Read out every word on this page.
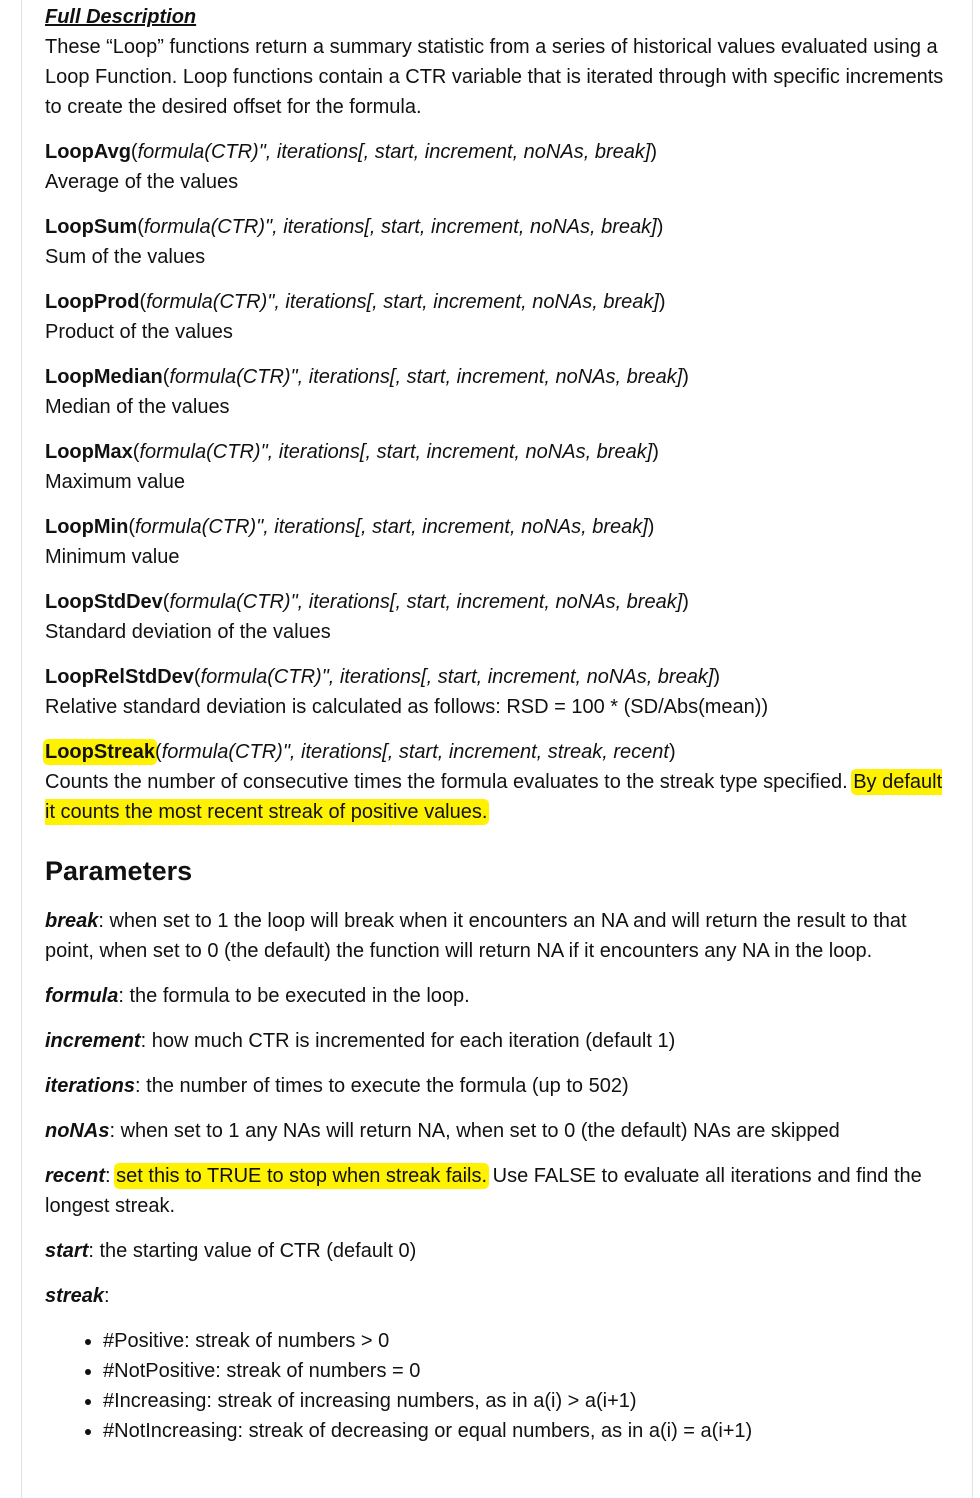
Full Description

These “Loop” functions return a summary statistic from a series of historical values evaluated using a Loop Function. Loop functions contain a CTR variable that is iterated through with specific increments to create the desired offset for the formula.

LoopAvg(formula(CTR)", iterations[, start, increment, noNAs, break])
Average of the values
LoopSum(formula(CTR)", iterations[, start, increment, noNAs, break])
Sum of the values
LoopProd(formula(CTR)", iterations[, start, increment, noNAs, break])
Product of the values
LoopMedian(formula(CTR)", iterations[, start, increment, noNAs, break])
Median of the values
LoopMax(formula(CTR)", iterations[, start, increment, noNAs, break])
Maximum value
LoopMin(formula(CTR)", iterations[, start, increment, noNAs, break])
Minimum value
LoopStdDev(formula(CTR)", iterations[, start, increment, noNAs, break])
Standard deviation of the values
LoopRelStdDev(formula(CTR)", iterations[, start, increment, noNAs, break])
Relative standard deviation is calculated as follows: RSD = 100 * (SD/Abs(mean))
LoopStreak(formula(CTR)", iterations[, start, increment, streak, recent)
Counts the number of consecutive times the formula evaluates to the streak type specified. By default it counts the most recent streak of positive values.
Parameters

break: when set to 1 the loop will break when it encounters an NA and will return the result to that point, when set to 0 (the default) the function will return NA if it encounters any NA in the loop.

formula: the formula to be executed in the loop.

increment: how much CTR is incremented for each iteration (default 1)

iterations: the number of times to execute the formula (up to 502)

noNAs: when set to 1 any NAs will return NA, when set to 0 (the default) NAs are skipped

recent: set this to TRUE to stop when streak fails. Use FALSE to evaluate all iterations and find the longest streak.

start: the starting value of CTR (default 0)

streak:

• #Positive: streak of numbers > 0
• #NotPositive: streak of numbers = 0
• #Increasing: streak of increasing numbers, as in a(i) > a(i+1)
• #NotIncreasing: streak of decreasing or equal numbers, as in a(i) = a(i+1)
